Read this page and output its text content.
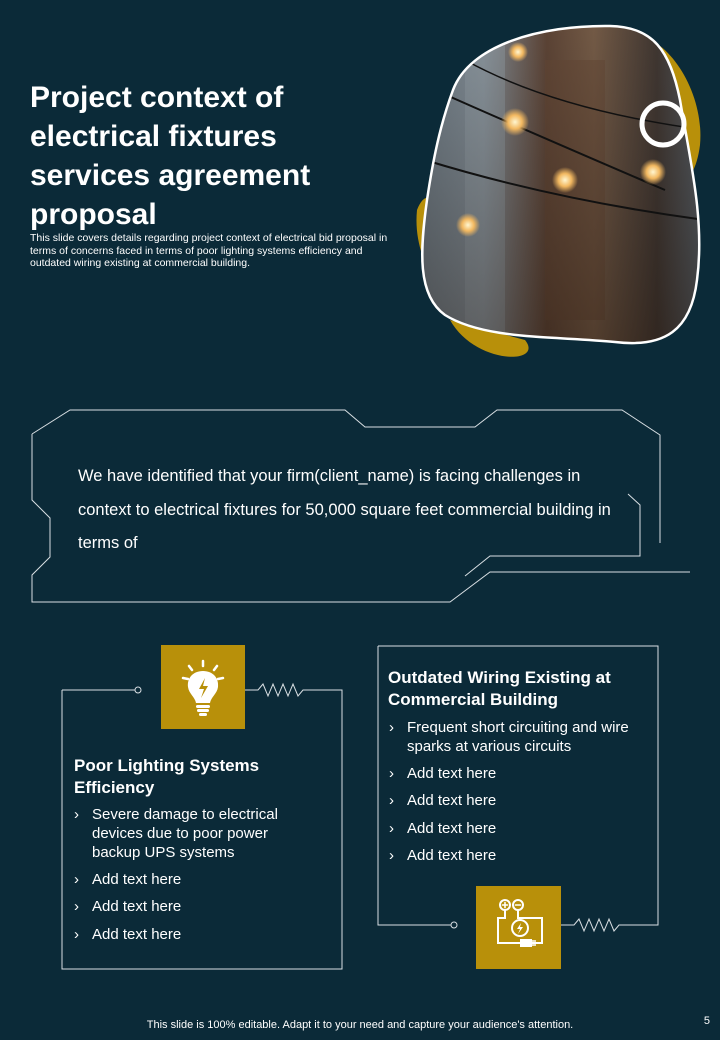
Project context of electrical fixtures services agreement proposal
This slide covers details regarding project context of electrical bid proposal in terms of concerns faced in terms of poor lighting systems efficiency and outdated wiring existing at commercial building.
We have identified that your firm(client_name) is facing challenges in context to electrical fixtures for 50,000 square feet commercial building in terms of
Poor Lighting Systems Efficiency
› Severe damage to electrical devices due to poor power backup UPS systems
› Add text here
› Add text here
› Add text here
Outdated Wiring Existing at Commercial Building
› Frequent short circuiting and wire sparks at various circuits
› Add text here
› Add text here
› Add text here
› Add text here
This slide is 100% editable. Adapt it to your need and capture your audience's attention.	5
